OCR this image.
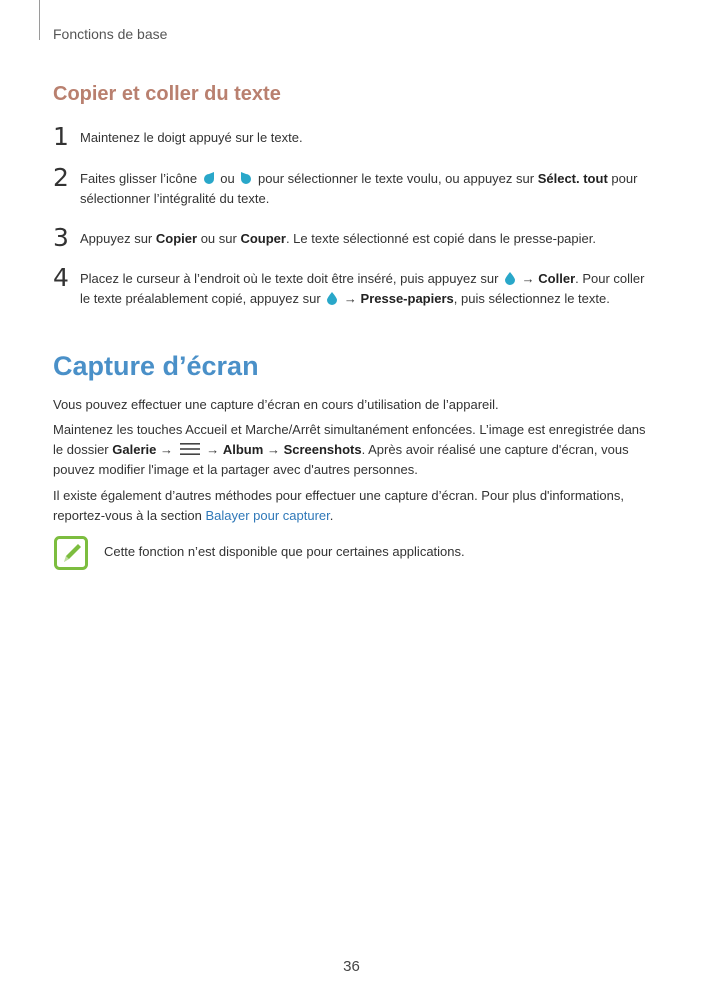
Fonctions de base
Copier et coller du texte
1 Maintenez le doigt appuyé sur le texte.
2 Faites glisser l’icône ou pour sélectionner le texte voulu, ou appuyez sur Sélect. tout pour sélectionner l’intégralité du texte.
3 Appuyez sur Copier ou sur Couper. Le texte sélectionné est copié dans le presse-papier.
4 Placez le curseur à l’endroit où le texte doit être inséré, puis appuyez sur → Coller. Pour coller le texte préalablement copié, appuyez sur → Presse-papiers, puis sélectionnez le texte.
Capture d’écran
Vous pouvez effectuer une capture d’écran en cours d’utilisation de l’appareil.
Maintenez les touches Accueil et Marche/Arrêt simultanément enfoncées. L’image est enregistrée dans le dossier Galerie →	→ Album → Screenshots. Après avoir réalisé une capture d'écran, vous pouvez modifier l'image et la partager avec d'autres personnes.
Il existe également d’autres méthodes pour effectuer une capture d’écran. Pour plus d'informations, reportez-vous à la section Balayer pour capturer.
Cette fonction n’est disponible que pour certaines applications.
36
